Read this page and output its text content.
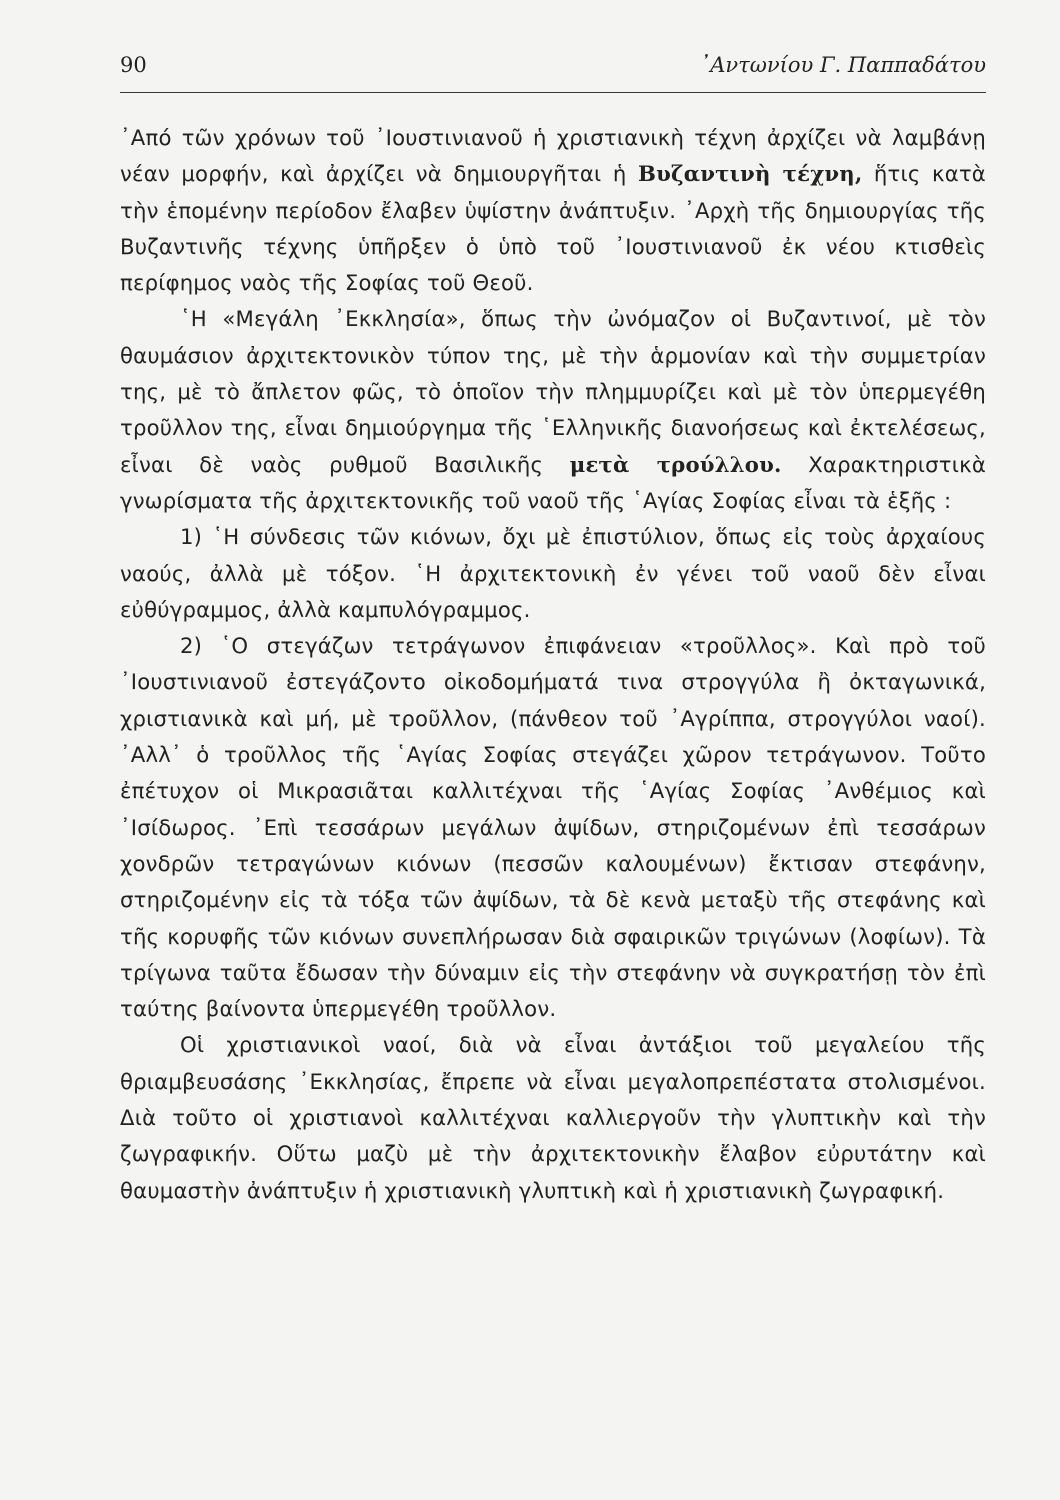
90	᾿Αντωνίου Γ. Παππαδάτου

᾿Από τῶν χρόνων τοῦ ᾿Ιουστινιανοῦ ἡ χριστιανικὴ τέχνη ἀρχίζει νὰ λαμβάνῃ νέαν μορφήν, καὶ ἀρχίζει νὰ δημιουργῆται ἡ Βυζαντινὴ τέχνη, ἥτις κατὰ τὴν ἑπομένην περίοδον ἔλαβεν ὑψίστην ἀνάπτυξιν. ᾿Αρχὴ τῆς δημιουργίας τῆς Βυζαντινῆς τέχνης ὑπῆρξεν ὁ ὑπὸ τοῦ ᾿Ιουστινιανοῦ ἐκ νέου κτισθεὶς περίφημος ναὸς τῆς Σοφίας τοῦ Θεοῦ.

῾Η «Μεγάλη ᾿Εκκλησία», ὅπως τὴν ὠνόμαζον οἱ Βυζαντινοί, μὲ τὸν θαυμάσιον ἀρχιτεκτονικὸν τύπον της, μὲ τὴν ἁρμονίαν καὶ τὴν συμμετρίαν της, μὲ τὸ ἄπλετον φῶς, τὸ ὁποῖον τὴν πλημμυρίζει καὶ μὲ τὸν ὑπερμεγέθη τροῦλλον της, εἶναι δημιούργημα τῆς ῾Ελληνικῆς διανοήσεως καὶ ἐκτελέσεως, εἶναι δὲ ναὸς ρυθμοῦ Βασιλικῆς μετὰ τρούλλου. Χαρακτηριστικὰ γνωρίσματα τῆς ἀρχιτεκτονικῆς τοῦ ναοῦ τῆς ῾Αγίας Σοφίας εἶναι τὰ ἑξῆς :

1) ῾Η σύνδεσις τῶν κιόνων, ὄχι μὲ ἐπιστύλιον, ὅπως εἰς τοὺς ἀρχαίους ναούς, ἀλλὰ μὲ τόξον. ῾Η ἀρχιτεκτονικὴ ἐν γένει τοῦ ναοῦ δὲν εἶναι εὐθύγραμμος, ἀλλὰ καμπυλόγραμμος.

2) ῾Ο στεγάζων τετράγωνον ἐπιφάνειαν «τροῦλλος». Καὶ πρὸ τοῦ ᾿Ιουστινιανοῦ ἐστεγάζοντο οἰκοδομήματά τινα στρογγύλα ἢ ὀκταγωνικά, χριστιανικὰ καὶ μή, μὲ τροῦλλον, (πάνθεον τοῦ ᾿Αγρίππα, στρογγύλοι ναοί). ᾿Αλλ᾿ ὁ τροῦλλος τῆς ῾Αγίας Σοφίας στεγάζει χῶρον τετράγωνον. Τοῦτο ἐπέτυχον οἱ Μικρασιᾶται καλλιτέχναι τῆς ῾Αγίας Σοφίας ᾿Ανθέμιος καὶ ᾿Ισίδωρος. ᾿Επὶ τεσσάρων μεγάλων ἀψίδων, στηριζομένων ἐπὶ τεσσάρων χονδρῶν τετραγώνων κιόνων (πεσσῶν καλουμένων) ἔκτισαν στεφάνην, στηριζομένην εἰς τὰ τόξα τῶν ἀψίδων, τὰ δὲ κενὰ μεταξὺ τῆς στεφάνης καὶ τῆς κορυφῆς τῶν κιόνων συνεπλήρωσαν διὰ σφαιρικῶν τριγώνων (λοφίων). Τὰ τρίγωνα ταῦτα ἔδωσαν τὴν δύναμιν εἰς τὴν στεφάνην νὰ συγκρατήσῃ τὸν ἐπὶ ταύτης βαίνοντα ὑπερμεγέθη τροῦλλον.

Οἱ χριστιανικοὶ ναοί, διὰ νὰ εἶναι ἀντάξιοι τοῦ μεγαλείου τῆς θριαμβευσάσης ᾿Εκκλησίας, ἔπρεπε νὰ εἶναι μεγαλοπρεπέστατα στολισμένοι. Διὰ τοῦτο οἱ χριστιανοὶ καλλιτέχναι καλλιεργοῦν τὴν γλυπτικὴν καὶ τὴν ζωγραφικήν. Οὕτω μαζὺ μὲ τὴν ἀρχιτεκτονικὴν ἔλαβον εὐρυτάτην καὶ θαυμαστὴν ἀνάπτυξιν ἡ χριστιανικὴ γλυπτικὴ καὶ ἡ χριστιανικὴ ζωγραφική.
